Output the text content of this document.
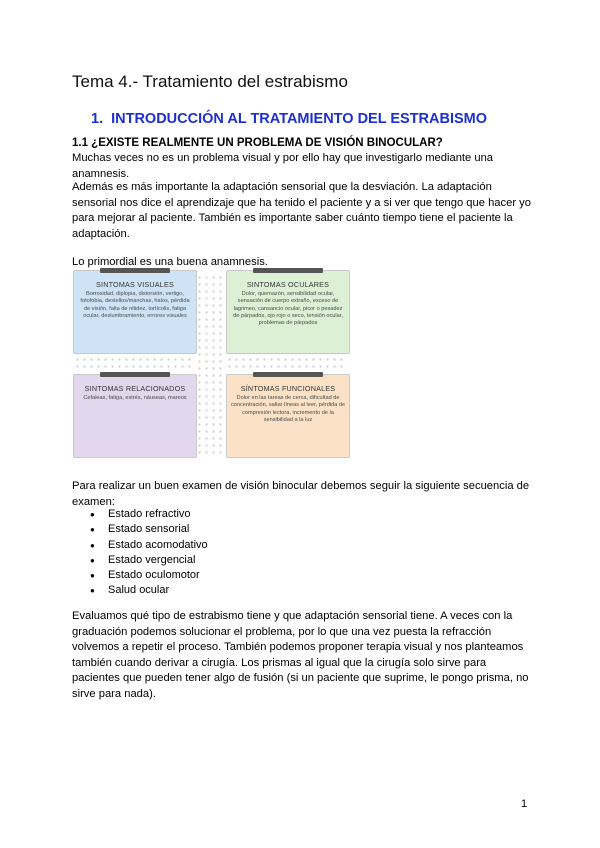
Tema 4.- Tratamiento del estrabismo
1. INTRODUCCIÓN AL TRATAMIENTO DEL ESTRABISMO
1.1 ¿EXISTE REALMENTE UN PROBLEMA DE VISIÓN BINOCULAR?

Muchas veces no es un problema visual y por ello hay que investigarlo mediante una anamnesis.

Además es más importante la adaptación sensorial que la desviación. La adaptación sensorial nos dice el aprendizaje que ha tenido el paciente y a si ver que tengo que hacer yo para mejorar al paciente. También es importante saber cuánto tiempo tiene el paciente la adaptación.

Lo primordial es una buena anamnesis.

SINTOMAS VISUALES
Borrosidad, diplopia, distorsión, vertigo, fotofobia, destellos/manchas, halos, pérdida de visión, falta de nitidez, tortícolis, fatiga ocular, deslumbramiento, errores visuales
SINTOMAS OCULARES
Dolor, quemazón, sensibilidad ocular, sensación de cuerpo extraño, exceso de lagrimeo, cansancio ocular, picor o pesadez de párpados, ojo rojo o seco, tensión ocular, problemas de párpados
SINTOMAS RELACIONADOS
Cefaleas, fatiga, estrés, náuseas, mareos
SÍNTOMAS FUNCIONALES
Dolor en las tareas de cerca, dificultad de concentración, saltar líneas al leer, pérdida de compresión lectora, incremento de la sensibilidad a la luz

Para realizar un buen examen de visión binocular debemos seguir la siguiente secuencia de examen:

● Estado refractivo
● Estado sensorial
● Estado acomodativo
● Estado vergencial
● Estado oculomotor
● Salud ocular

Evaluamos qué tipo de estrabismo tiene y que adaptación sensorial tiene. A veces con la graduación podemos solucionar el problema, por lo que una vez puesta la refracción volvemos a repetir el proceso. También podemos proponer terapia visual y nos planteamos también cuando derivar a cirugía. Los prismas al igual que la cirugía solo sirve para pacientes que pueden tener algo de fusión (si un paciente que suprime, le pongo prisma, no sirve para nada).

1
